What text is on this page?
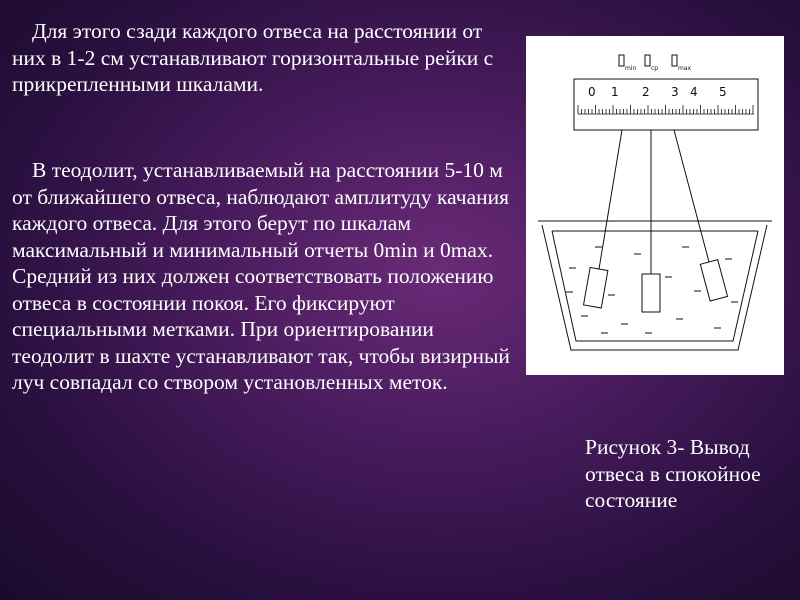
Для этого сзади каждого отвеса на расстоянии от них в 1-2 см устанавливают горизонтальные рейки с прикрепленными шкалами.

В теодолит, устанавливаемый на расстоянии 5-10 м от ближайшего отвеса, наблюдают амплитуду качания каждого отвеса. Для этого берут по шкалам максимальный и минимальный отчеты 0min и 0max. Средний из них должен соответствовать положению отвеса в состоянии покоя. Его фиксируют специальными метками. При ориентировании теодолит в шахте устанавливают так, чтобы визирный луч совпадал со створом установленных меток.

min ср	max
0 1 2 3 4 5

Рисунок 3- Вывод отвеса в спокойное состояние
